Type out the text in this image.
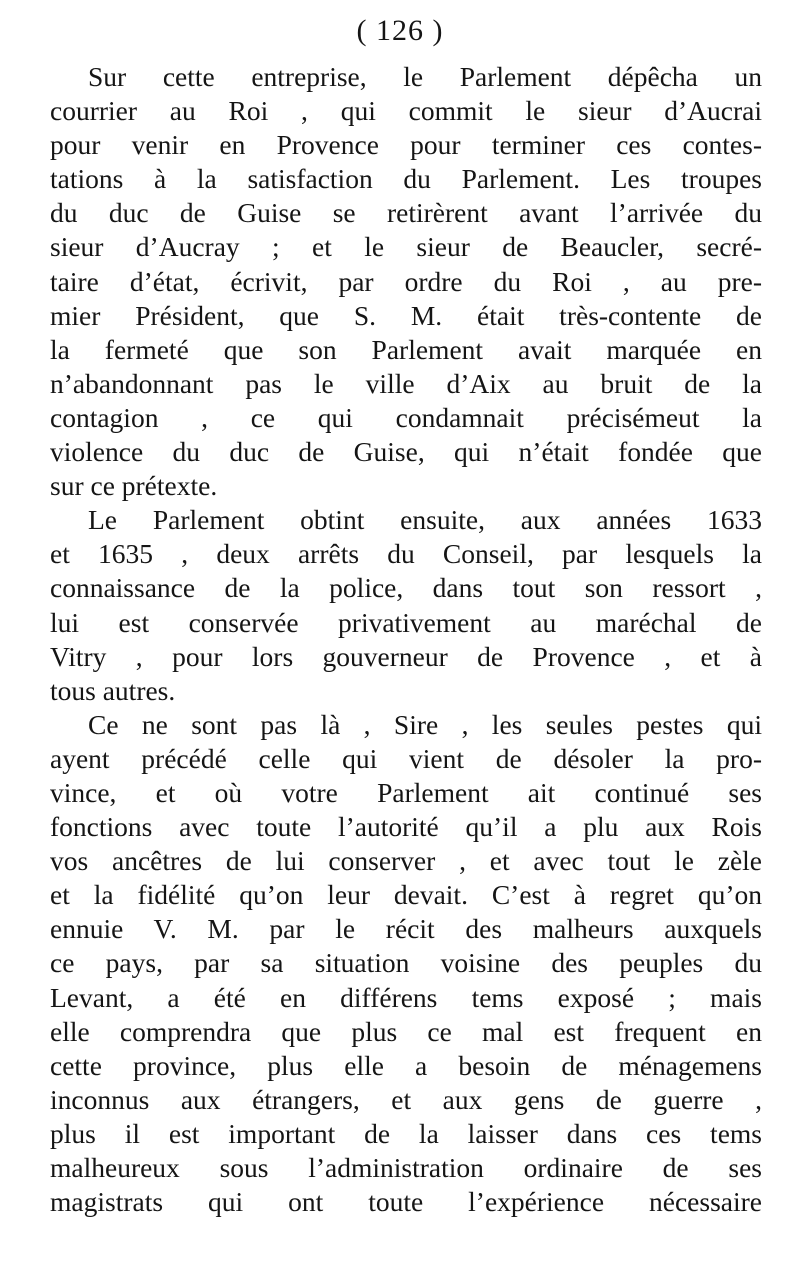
( 126 )
Sur cette entreprise, le Parlement dépêcha un
courrier au Roi , qui commit le sieur d’Aucrai
pour venir en Provence pour terminer ces contes-
tations à la satisfaction du Parlement. Les troupes
du duc de Guise se retirèrent avant l’arrivée du
sieur d’Aucray ; et le sieur de Beaucler, secré-
taire d’état, écrivit, par ordre du Roi , au pre-
mier Président, que S. M. était très-contente de
la fermeté que son Parlement avait marquée en
n’abandonnant pas le ville d’Aix au bruit de la
contagion , ce qui condamnait précisémeut la
violence du duc de Guise, qui n’était fondée que
sur ce prétexte.
Le Parlement obtint ensuite, aux années 1633
et 1635 , deux arrêts du Conseil, par lesquels la
connaissance de la police, dans tout son ressort ,
lui est conservée privativement au maréchal de
Vitry , pour lors gouverneur de Provence , et à
tous autres.
Ce ne sont pas là , Sire , les seules pestes qui
ayent précédé celle qui vient de désoler la pro-
vince, et où votre Parlement ait continué ses
fonctions avec toute l’autorité qu’il a plu aux Rois
vos ancêtres de lui conserver , et avec tout le zèle
et la fidélité qu’on leur devait. C’est à regret qu’on
ennuie V. M. par le récit des malheurs auxquels
ce pays, par sa situation voisine des peuples du
Levant, a été en différens tems exposé ; mais
elle comprendra que plus ce mal est frequent en
cette province, plus elle a besoin de ménagemens
inconnus aux étrangers, et aux gens de guerre ,
plus il est important de la laisser dans ces tems
malheureux sous l’administration ordinaire de ses
magistrats qui ont toute l’expérience nécessaire
